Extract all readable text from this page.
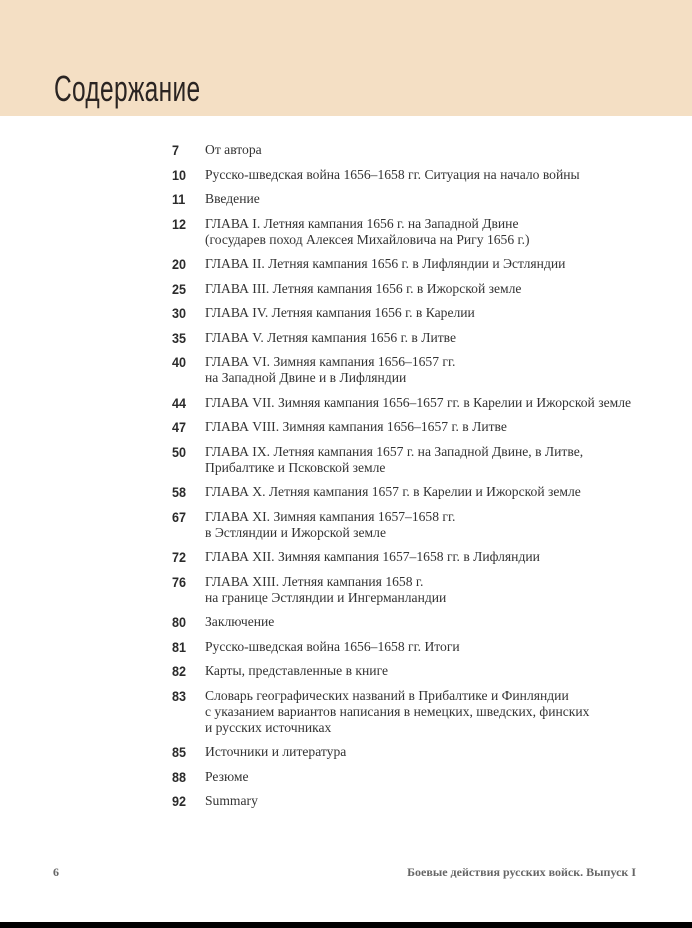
Содержание
7	От автора
10	Русско-шведская война 1656–1658 гг. Ситуация на начало войны
11	Введение
12	ГЛАВА I. Летняя кампания 1656 г. на Западной Двине
(государев поход Алексея Михайловича на Ригу 1656 г.)
20	ГЛАВА II. Летняя кампания 1656 г. в Лифляндии и Эстляндии
25	ГЛАВА III. Летняя кампания 1656 г. в Ижорской земле
30	ГЛАВА IV. Летняя кампания 1656 г. в Карелии
35	ГЛАВА V. Летняя кампания 1656 г. в Литве
40	ГЛАВА VI. Зимняя кампания 1656–1657 гг.
на Западной Двине и в Лифляндии
44	ГЛАВА VII. Зимняя кампания 1656–1657 гг. в Карелии и Ижорской земле
47	ГЛАВА VIII. Зимняя кампания 1656–1657 г. в Литве
50	ГЛАВА IX. Летняя кампания 1657 г. на Западной Двине, в Литве,
Прибалтике и Псковской земле
58	ГЛАВА X. Летняя кампания 1657 г. в Карелии и Ижорской земле
67	ГЛАВА XI. Зимняя кампания 1657–1658 гг.
в Эстляндии и Ижорской земле
72	ГЛАВА XII. Зимняя кампания 1657–1658 гг. в Лифляндии
76	ГЛАВА XIII. Летняя кампания 1658 г.
на границе Эстляндии и Ингерманландии
80	Заключение
81	Русско-шведская война 1656–1658 гг. Итоги
82	Карты, представленные в книге
83	Словарь географических названий в Прибалтике и Финляндии
с указанием вариантов написания в немецких, шведских, финских
и русских источниках
85	Источники и литература
88	Резюме
92	Summary
6	Боевые действия русских войск. Выпуск I
